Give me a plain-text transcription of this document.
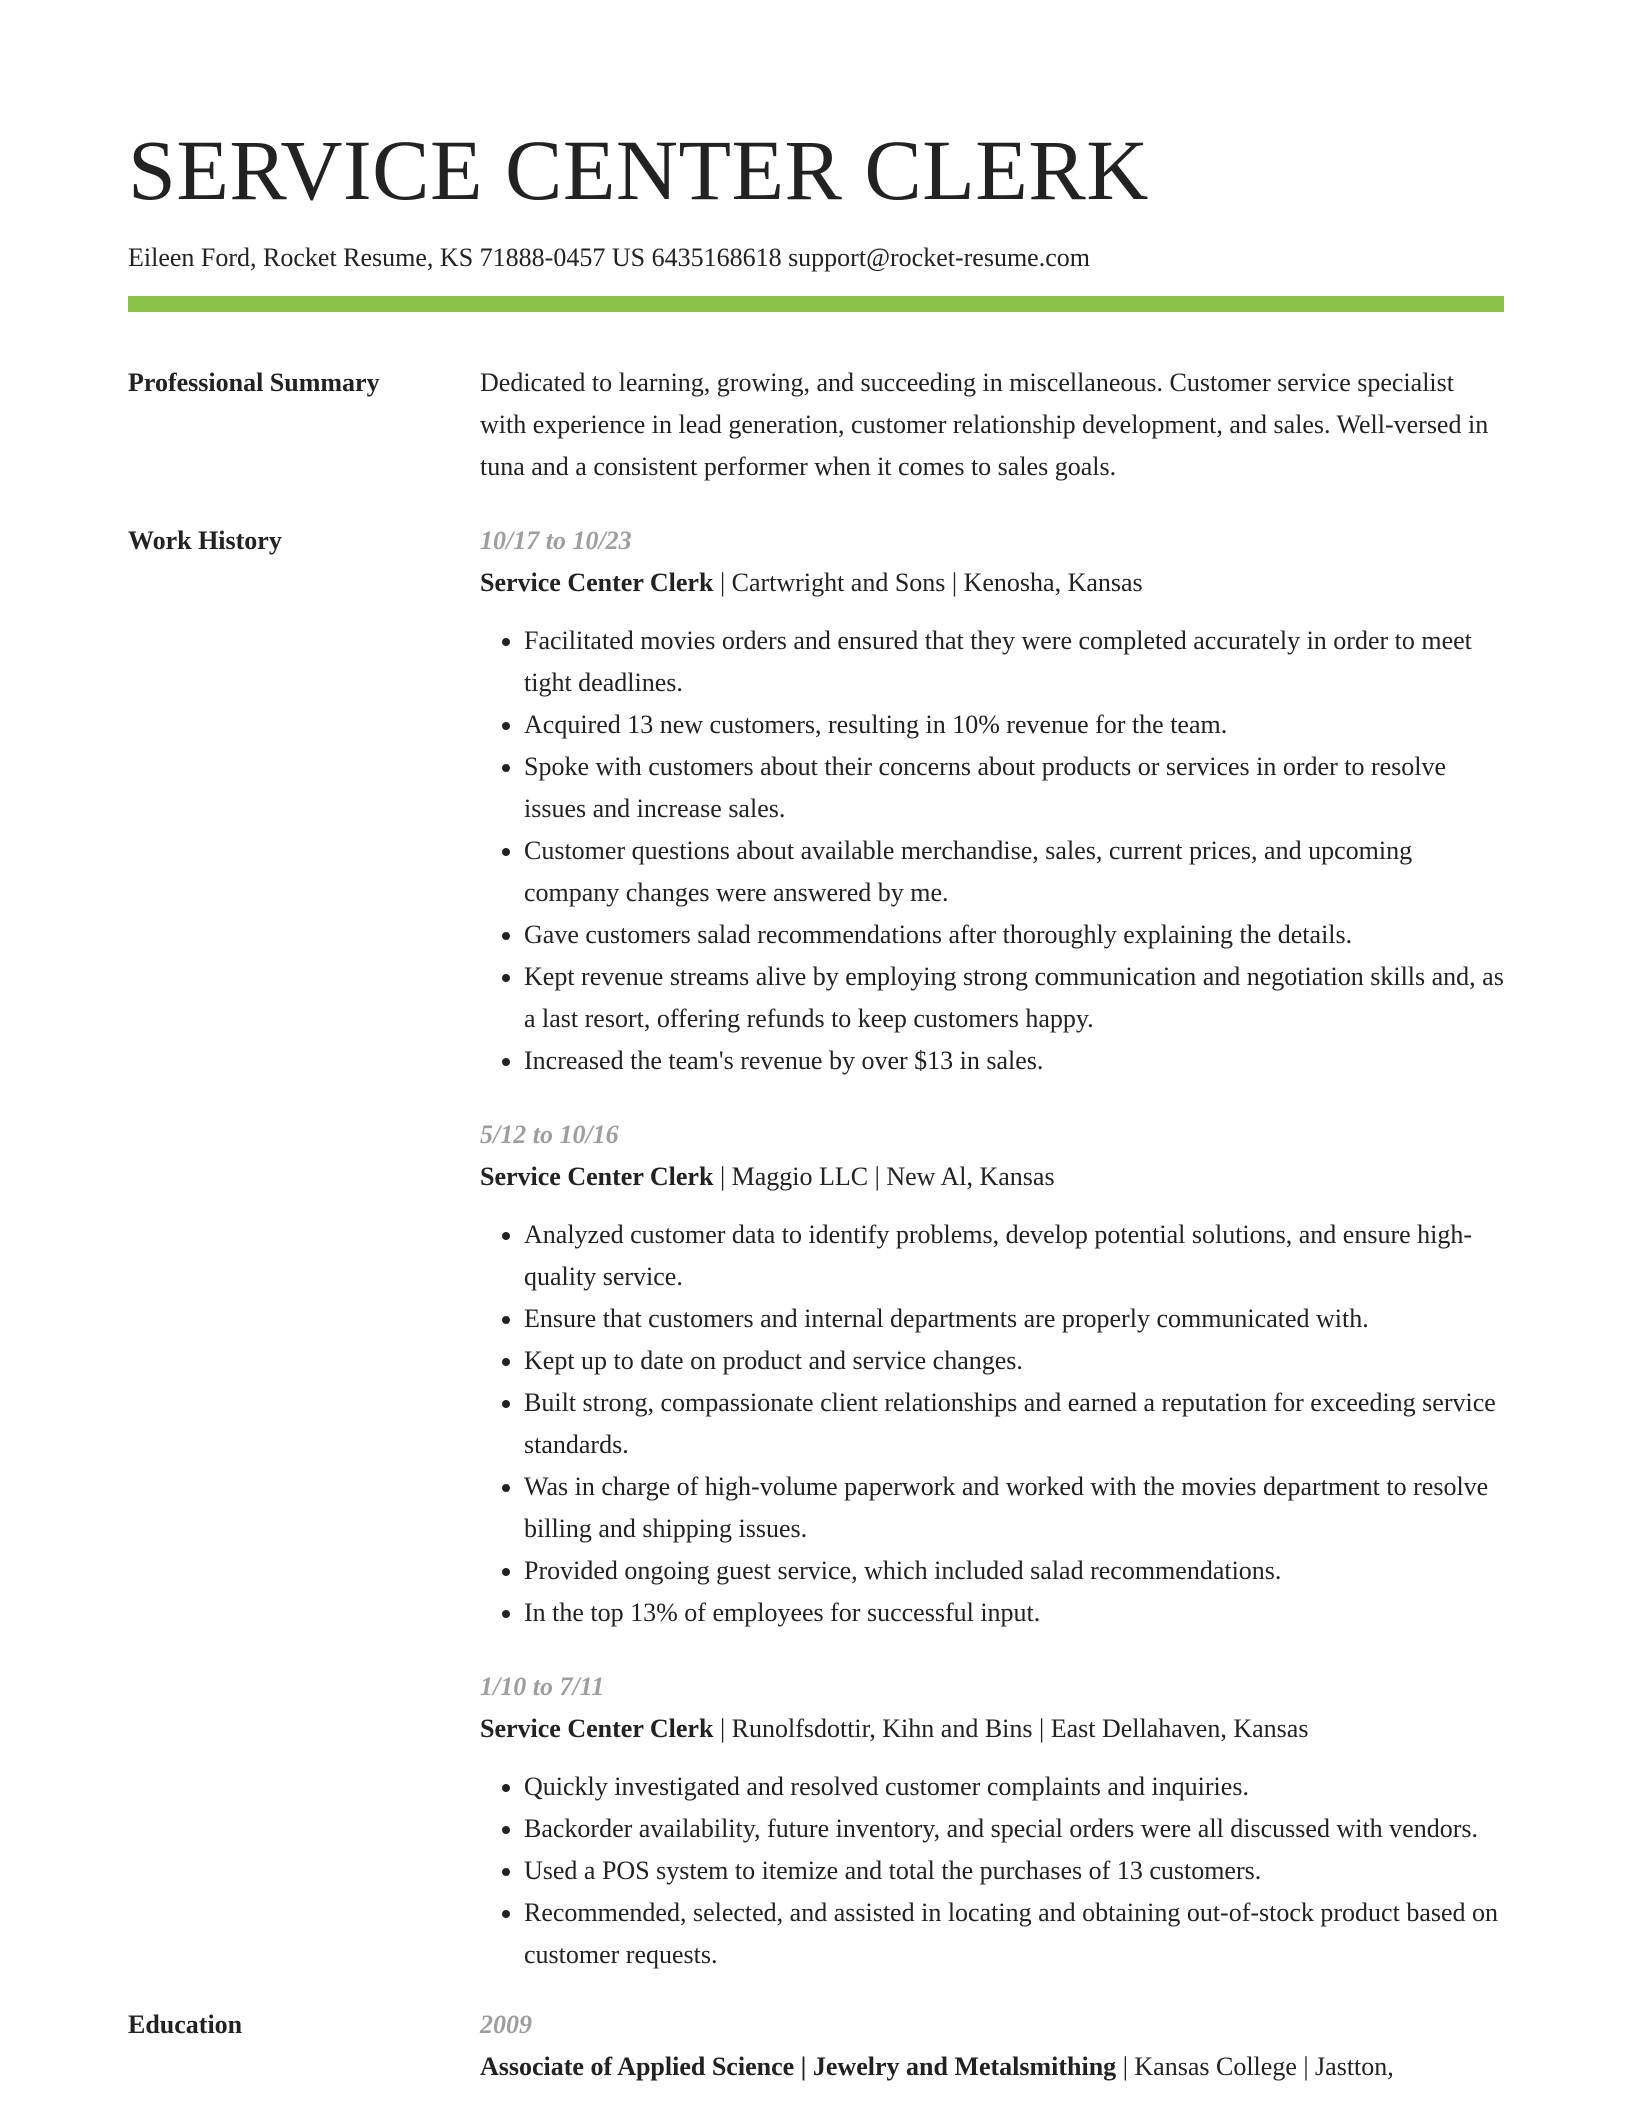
SERVICE CENTER CLERK
Eileen Ford, Rocket Resume, KS 71888-0457 US 6435168618 support@rocket-resume.com
Professional Summary	Dedicated to learning, growing, and succeeding in miscellaneous. Customer service specialist with experience in lead generation, customer relationship development, and sales. Well-versed in tuna and a consistent performer when it comes to sales goals.

Work History	10/17 to 10/23
Service Center Clerk | Cartwright and Sons | Kenosha, Kansas
• Facilitated movies orders and ensured that they were completed accurately in order to meet tight deadlines.
• Acquired 13 new customers, resulting in 10% revenue for the team.
• Spoke with customers about their concerns about products or services in order to resolve issues and increase sales.
• Customer questions about available merchandise, sales, current prices, and upcoming company changes were answered by me.
• Gave customers salad recommendations after thoroughly explaining the details.
• Kept revenue streams alive by employing strong communication and negotiation skills and, as a last resort, offering refunds to keep customers happy.
• Increased the team's revenue by over $13 in sales.
5/12 to 10/16
Service Center Clerk | Maggio LLC | New Al, Kansas
• Analyzed customer data to identify problems, develop potential solutions, and ensure high-quality service.
• Ensure that customers and internal departments are properly communicated with.
• Kept up to date on product and service changes.
• Built strong, compassionate client relationships and earned a reputation for exceeding service standards.
• Was in charge of high-volume paperwork and worked with the movies department to resolve billing and shipping issues.
• Provided ongoing guest service, which included salad recommendations.
• In the top 13% of employees for successful input.
1/10 to 7/11
Service Center Clerk | Runolfsdottir, Kihn and Bins | East Dellahaven, Kansas
• Quickly investigated and resolved customer complaints and inquiries.
• Backorder availability, future inventory, and special orders were all discussed with vendors.
• Used a POS system to itemize and total the purchases of 13 customers.
• Recommended, selected, and assisted in locating and obtaining out-of-stock product based on customer requests.
Education	2009
Associate of Applied Science | Jewelry and Metalsmithing | Kansas College | Jastton,
